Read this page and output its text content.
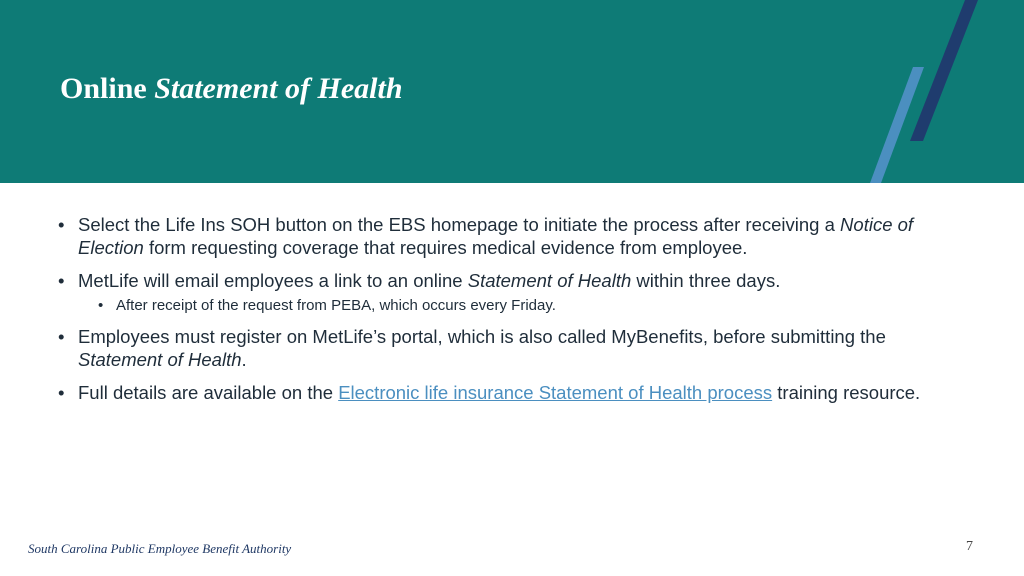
Online Statement of Health
• Select the Life Ins SOH button on the EBS homepage to initiate the process after receiving a Notice of Election form requesting coverage that requires medical evidence from employee.
• MetLife will email employees a link to an online Statement of Health within three days.
• After receipt of the request from PEBA, which occurs every Friday.
• Employees must register on MetLife’s portal, which is also called MyBenefits, before submitting the Statement of Health.
• Full details are available on the Electronic life insurance Statement of Health process training resource.
South Carolina Public Employee Benefit Authority	7
